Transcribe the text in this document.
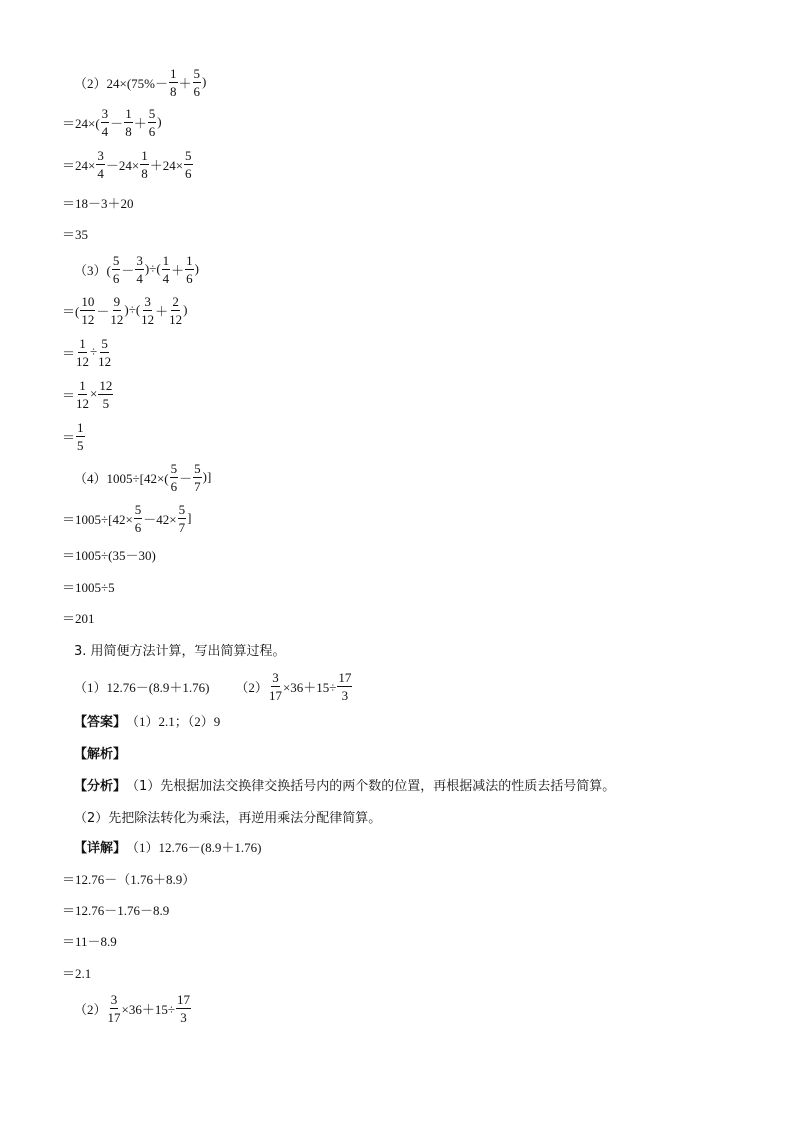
（2） $24\times(75\%- \frac{1}{8} + \frac{5}{6}$ )
$=24\times( \frac{3}{4} - \frac{1}{8} + \frac{5}{6}$ )
$=24\times \frac{3}{4} -24\times \frac{1}{8} +24\times \frac{5}{6}$
＝18－3＋20
＝35
$(3)( \frac{5}{6} - \frac{3}{4}$ )÷( $\frac{1}{4} + \frac{1}{6}$ )
＝( $\frac{10}{12} - \frac{9}{12}$ )÷( $\frac{3}{12} + \frac{2}{12}$ )
＝ $\frac{1}{12} \div \frac{5}{12}$
＝ $\frac{1}{12} \times \frac{12}{5}$
＝ $\frac{1}{5}$
$(4)1005\div[42\times( \frac{5}{6} - \frac{5}{7}$ )]
$=1005\div[42\times \frac{5}{6} -42\times \frac{5}{7}$ ]
＝1005÷(35－30)
＝1005÷5
＝201
3. 用简便方法计算，写出简算过程。
（1）12.76－(8.9＋1.76) $(2) \frac{3}{17} \times 36+15\div \frac{17}{3}$
【答案】 （1）2.1；（2）9
【解析】
【分析】 （1）先根据加法交换律交换括号内的两个数的位置，再根据减法的性质去括号简算。
（2）先把除法转化为乘法，再逆用乘法分配律简算。
【详解】 （1）12.76－(8.9＋1.76)
＝12.76－（1.76＋8.9）
＝12.76－1.76－8.9
＝11－8.9
＝2.1
$(2) \frac{3}{17} \times 36+15\div \frac{17}{3}$
